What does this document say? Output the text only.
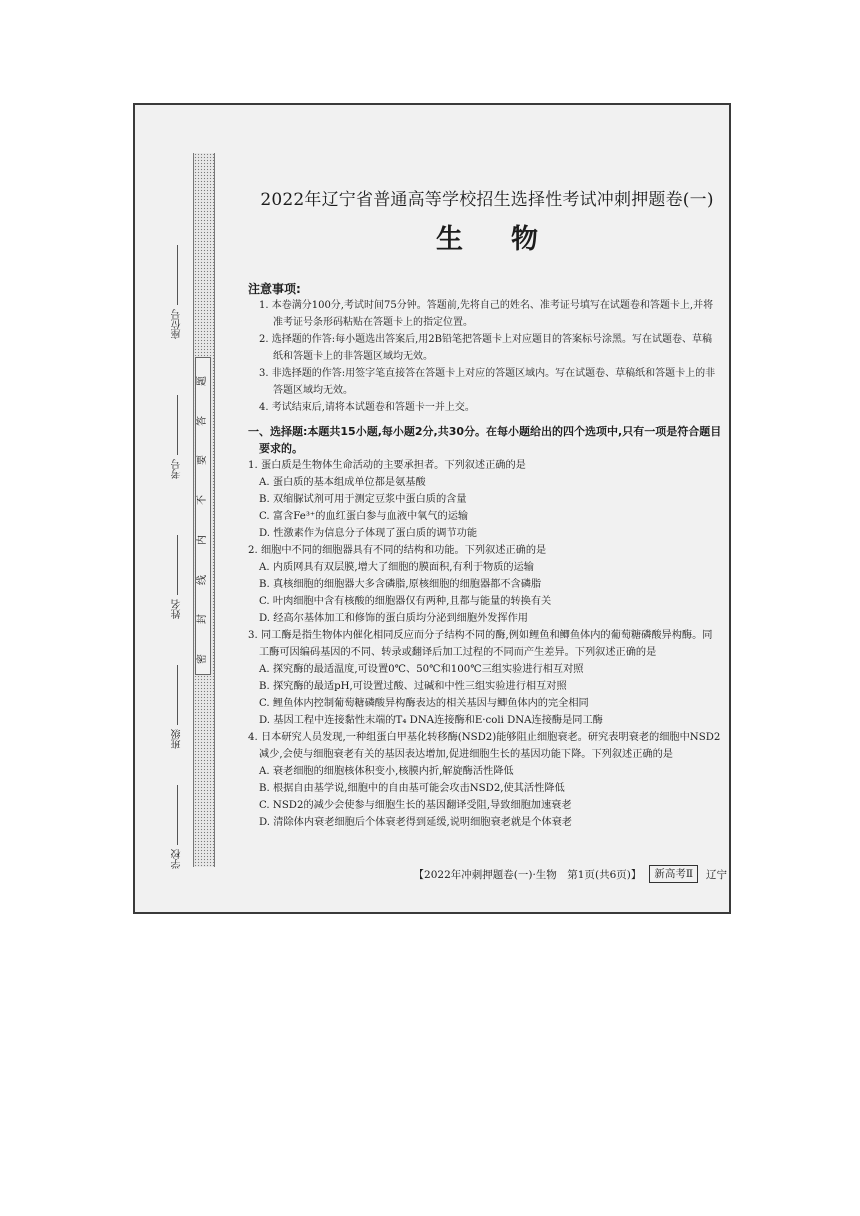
座位号
考号
姓名
班级
学校
题
答
要
不
内
线
封
密
2022年辽宁省普通高等学校招生选择性考试冲刺押题卷(一)
生物
注意事项:
1. 本卷满分100分,考试时间75分钟。答题前,先将自己的姓名、准考证号填写在试题卷和答题卡上,并将准考证号条形码粘贴在答题卡上的指定位置。
2. 选择题的作答:每小题选出答案后,用2B铅笔把答题卡上对应题目的答案标号涂黑。写在试题卷、草稿纸和答题卡上的非答题区域均无效。
3. 非选择题的作答:用签字笔直接答在答题卡上对应的答题区域内。写在试题卷、草稿纸和答题卡上的非答题区域均无效。
4. 考试结束后,请将本试题卷和答题卡一并上交。
一、选择题:本题共15小题,每小题2分,共30分。在每小题给出的四个选项中,只有一项是符合题目要求的。
1. 蛋白质是生物体生命活动的主要承担者。下列叙述正确的是
A. 蛋白质的基本组成单位都是氨基酸
B. 双缩脲试剂可用于测定豆浆中蛋白质的含量
C. 富含Fe³⁺的血红蛋白参与血液中氧气的运输
D. 性激素作为信息分子体现了蛋白质的调节功能
2. 细胞中不同的细胞器具有不同的结构和功能。下列叙述正确的是
A. 内质网具有双层膜,增大了细胞的膜面积,有利于物质的运输
B. 真核细胞的细胞器大多含磷脂,原核细胞的细胞器都不含磷脂
C. 叶肉细胞中含有核酸的细胞器仅有两种,且都与能量的转换有关
D. 经高尔基体加工和修饰的蛋白质均分泌到细胞外发挥作用
3. 同工酶是指生物体内催化相同反应而分子结构不同的酶,例如鲤鱼和鲫鱼体内的葡萄糖磷酸异构酶。同工酶可因编码基因的不同、转录或翻译后加工过程的不同而产生差异。下列叙述正确的是
A. 探究酶的最适温度,可设置0℃、50℃和100℃三组实验进行相互对照
B. 探究酶的最适pH,可设置过酸、过碱和中性三组实验进行相互对照
C. 鲤鱼体内控制葡萄糖磷酸异构酶表达的相关基因与鲫鱼体内的完全相同
D. 基因工程中连接黏性末端的T₄ DNA连接酶和E·coli DNA连接酶是同工酶
4. 日本研究人员发现,一种组蛋白甲基化转移酶(NSD2)能够阻止细胞衰老。研究表明衰老的细胞中NSD2减少,会使与细胞衰老有关的基因表达增加,促进细胞生长的基因功能下降。下列叙述正确的是
A. 衰老细胞的细胞核体积变小,核膜内折,解旋酶活性降低
B. 根据自由基学说,细胞中的自由基可能会攻击NSD2,使其活性降低
C. NSD2的减少会使参与细胞生长的基因翻译受阻,导致细胞加速衰老
D. 清除体内衰老细胞后个体衰老得到延缓,说明细胞衰老就是个体衰老
【2022年冲刺押题卷(一)·生物　第1页(共6页)】	新高考Ⅱ	辽宁
